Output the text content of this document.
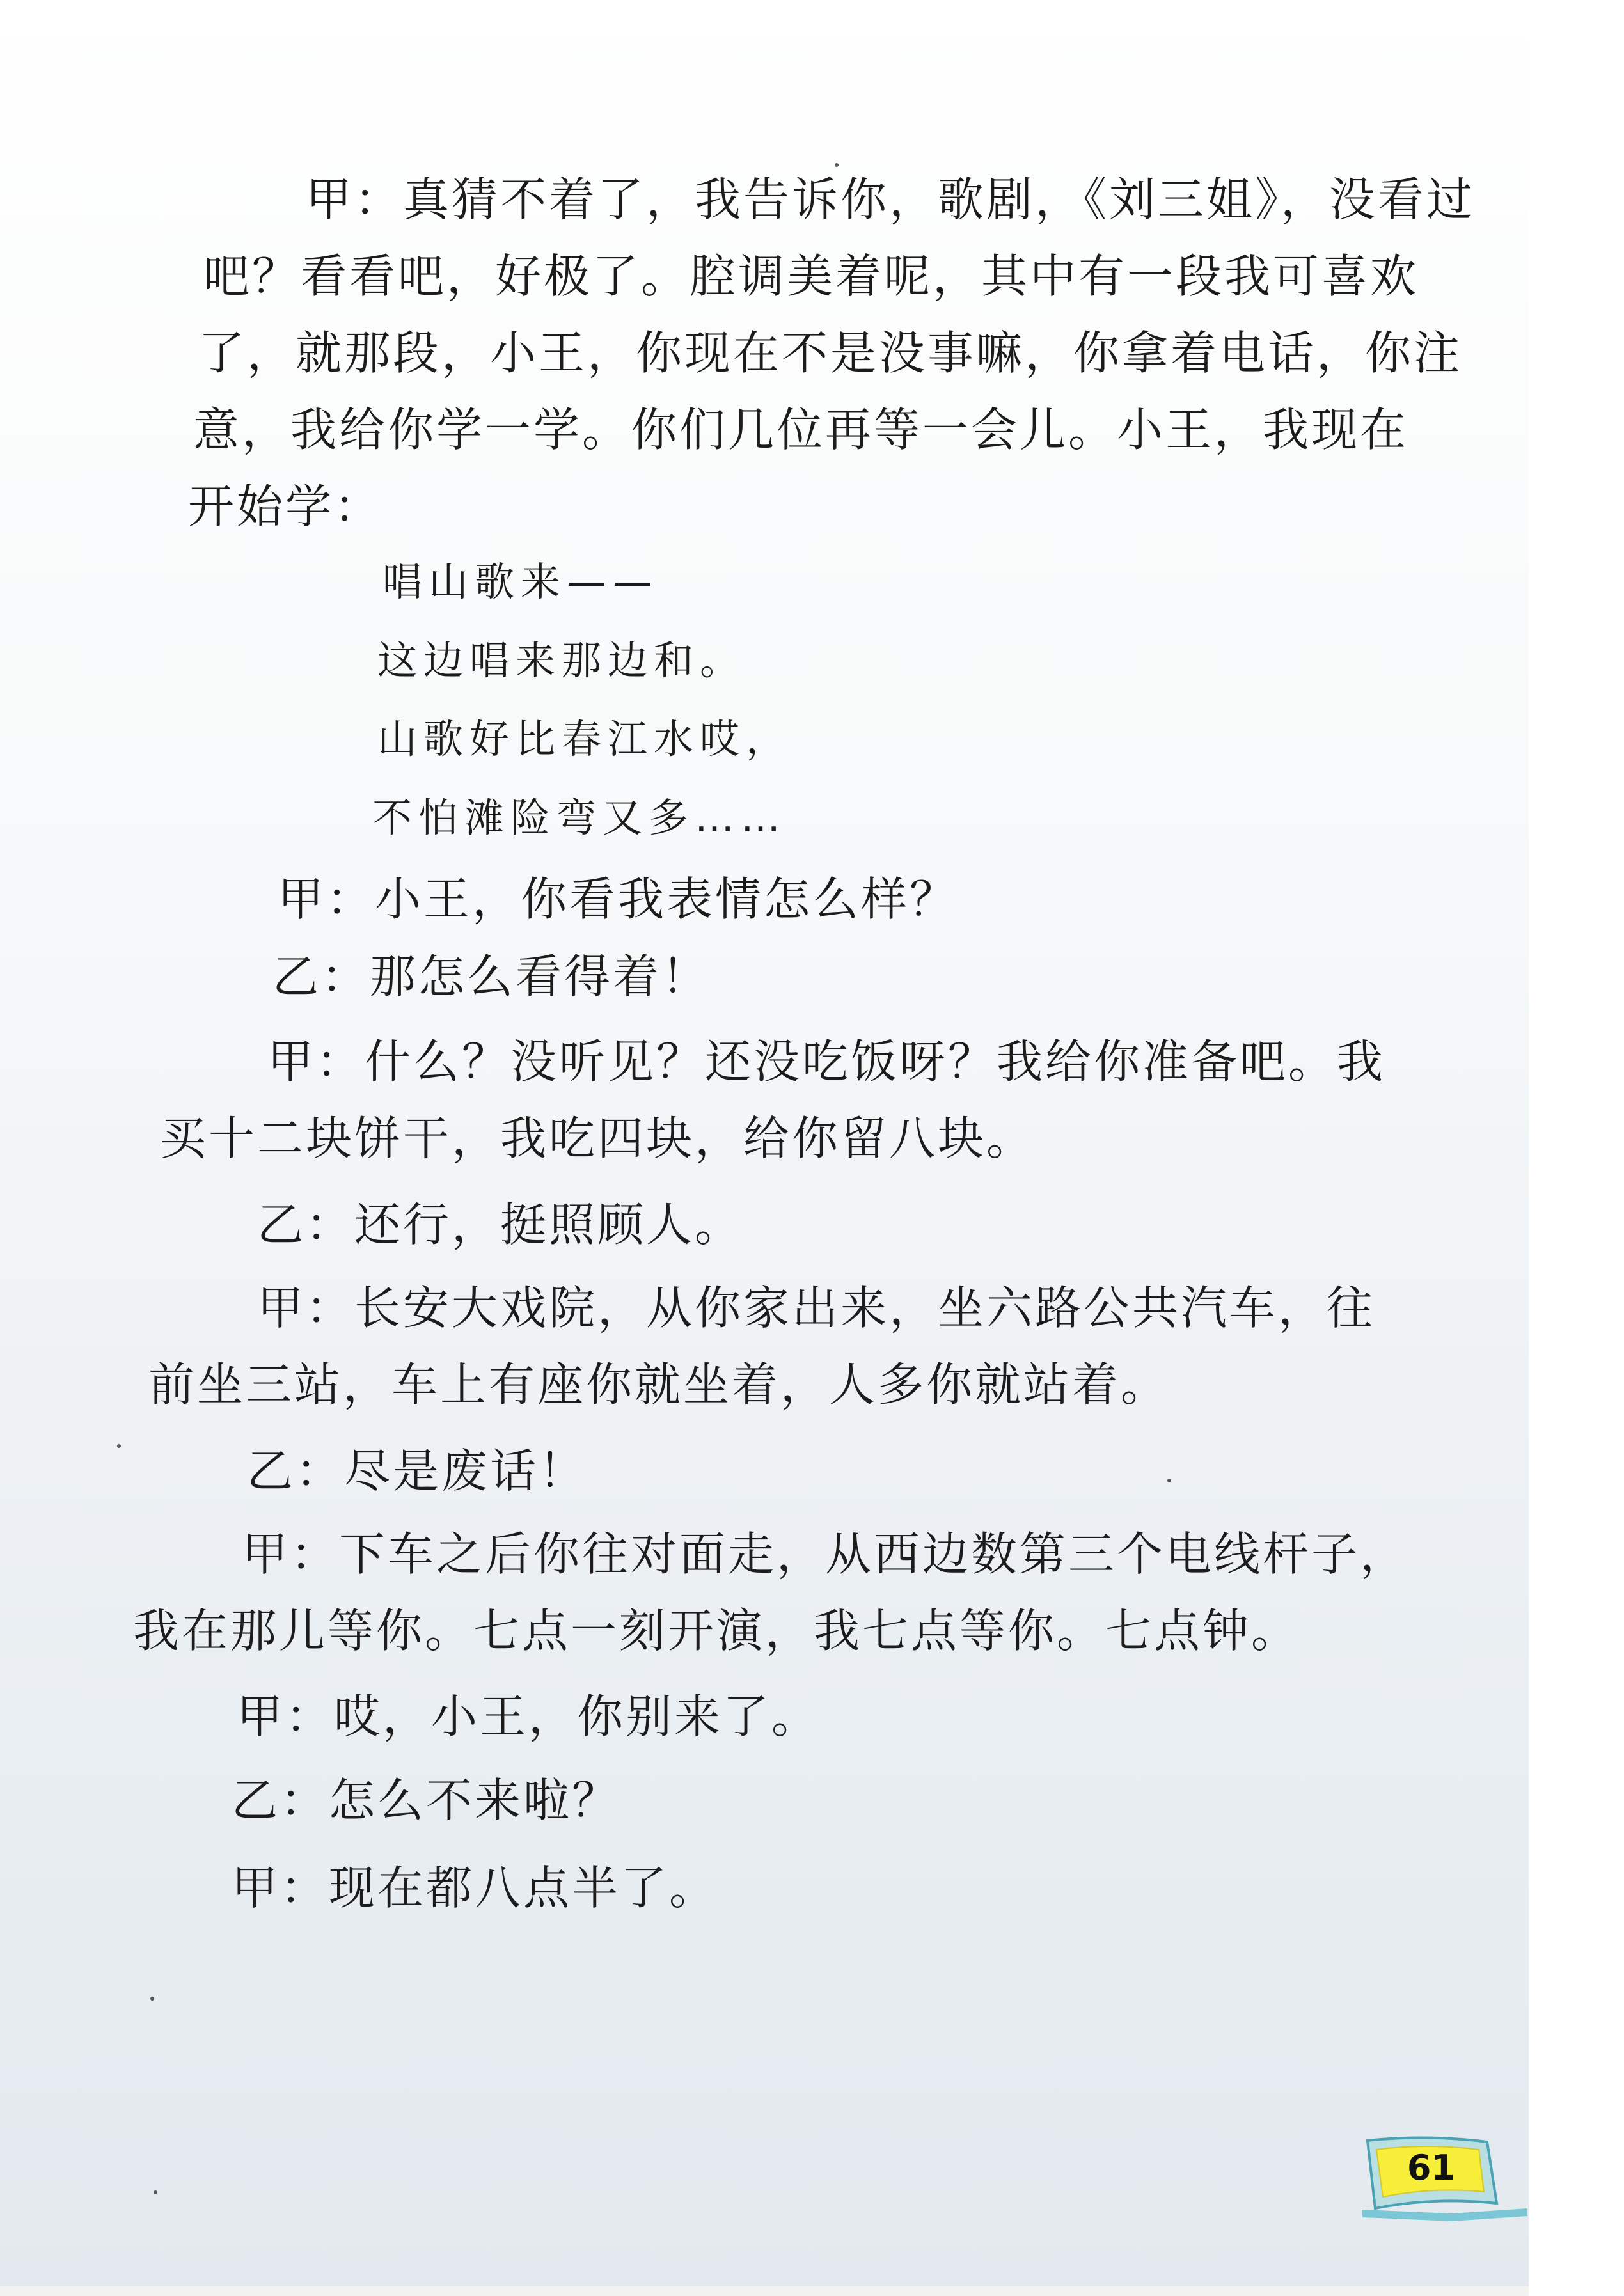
甲：真猜不着了，我告诉你，歌剧，《刘三姐》，没看过

吧？看看吧，好极了。腔调美着呢，其中有一段我可喜欢

了，就那段，小王，你现在不是没事嘛，你拿着电话，你注

意，我给你学一学。你们几位再等一会儿。小王，我现在

开始学：

唱山歌来——

这边唱来那边和。

山歌好比春江水哎，

不怕滩险弯又多……

甲：小王，你看我表情怎么样？

乙：那怎么看得着！

甲：什么？没听见？还没吃饭呀？我给你准备吧。我

买十二块饼干，我吃四块，给你留八块。

乙：还行，挺照顾人。

甲：长安大戏院，从你家出来，坐六路公共汽车，往

前坐三站，车上有座你就坐着，人多你就站着。

乙：尽是废话！

甲：下车之后你往对面走，从西边数第三个电线杆子，

我在那儿等你。七点一刻开演，我七点等你。七点钟。

甲：哎，小王，你别来了。

乙：怎么不来啦？

甲：现在都八点半了。

61
